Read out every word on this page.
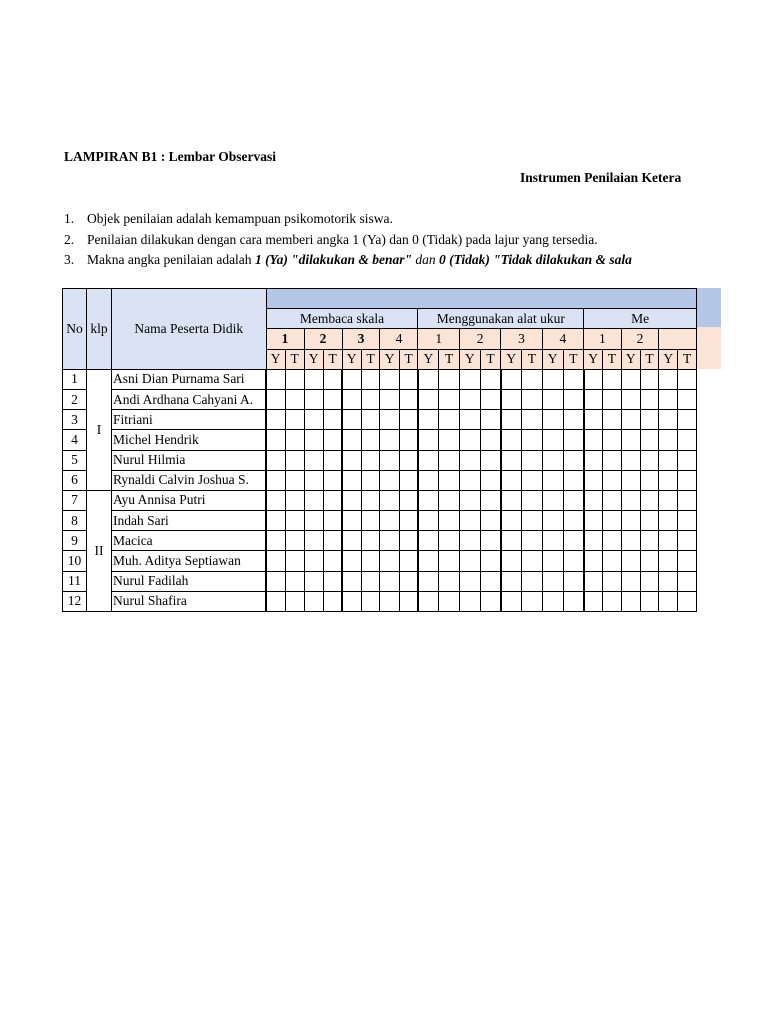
LAMPIRAN B1 : Lembar Observasi
Instrumen Penilaian Ketera
1. Objek penilaian adalah kemampuan psikomotorik siswa.
2. Penilaian dilakukan dengan cara memberi angka 1 (Ya) dan 0 (Tidak) pada lajur yang tersedia.
3. Makna angka penilaian adalah 1 (Ya) "dilakukan & benar" dan 0 (Tidak) "Tidak dilakukan & sala
No	klp	Nama Peserta Didik																						
			Membaca skala								Menggunakan alat ukur								Me					
			1		2		3		4		1		2		3		4		1		2			
			Y	T	Y	T	Y	T	Y	T	Y	T	Y	T	Y	T	Y	T	Y	T	Y	T	Y	T
1	I	Asni Dian Purnama Sari																						
2		Andi Ardhana Cahyani A.																						
3		Fitriani																						
4		Michel Hendrik																						
5		Nurul Hilmia																						
6		Rynaldi Calvin Joshua S.																						
7	II	Ayu Annisa Putri																						
8		Indah Sari																						
9		Macica																						
10		Muh. Aditya Septiawan																						
11		Nurul Fadilah																						
12		Nurul Shafira																						
